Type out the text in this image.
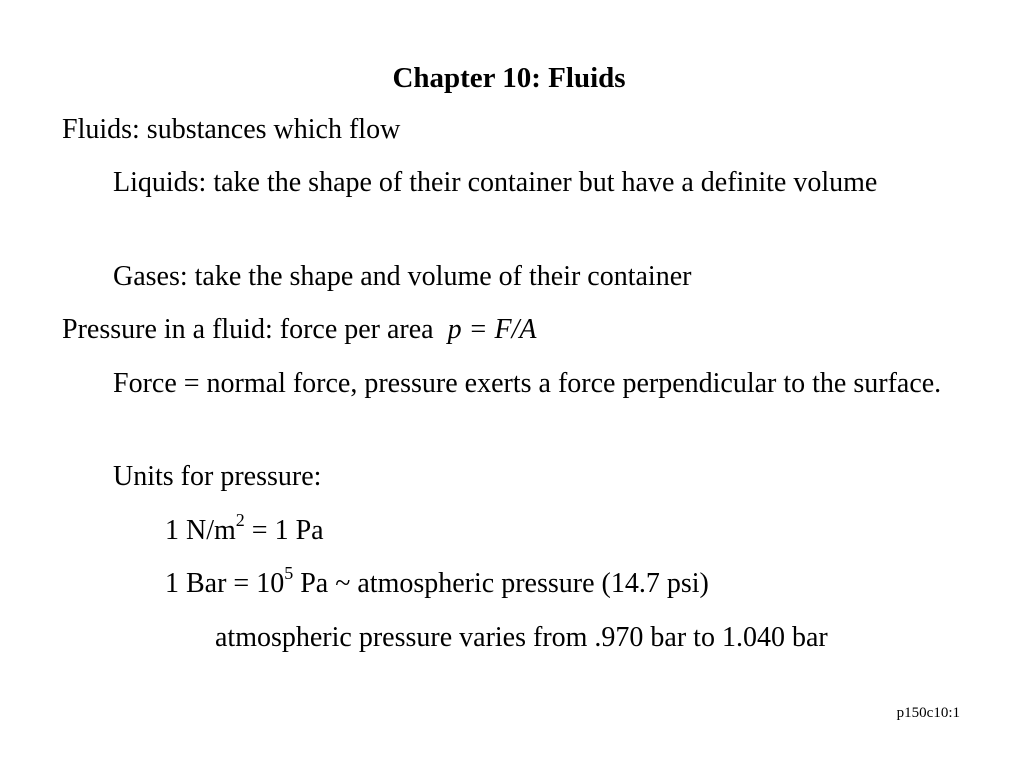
Chapter 10: Fluids
Fluids: substances which flow
Liquids: take the shape of their container but have a definite volume
Gases: take the shape and volume of their container
Pressure in a fluid: force per area p = F/A
Force = normal force, pressure exerts a force perpendicular to the surface.
Units for pressure:
1 $N/m^2 = 1$ Pa
1 Bar = $10^5$ Pa ~ atmospheric pressure (14.7 psi)
atmospheric pressure varies from .970 bar to 1.040 bar
p150c10:1
